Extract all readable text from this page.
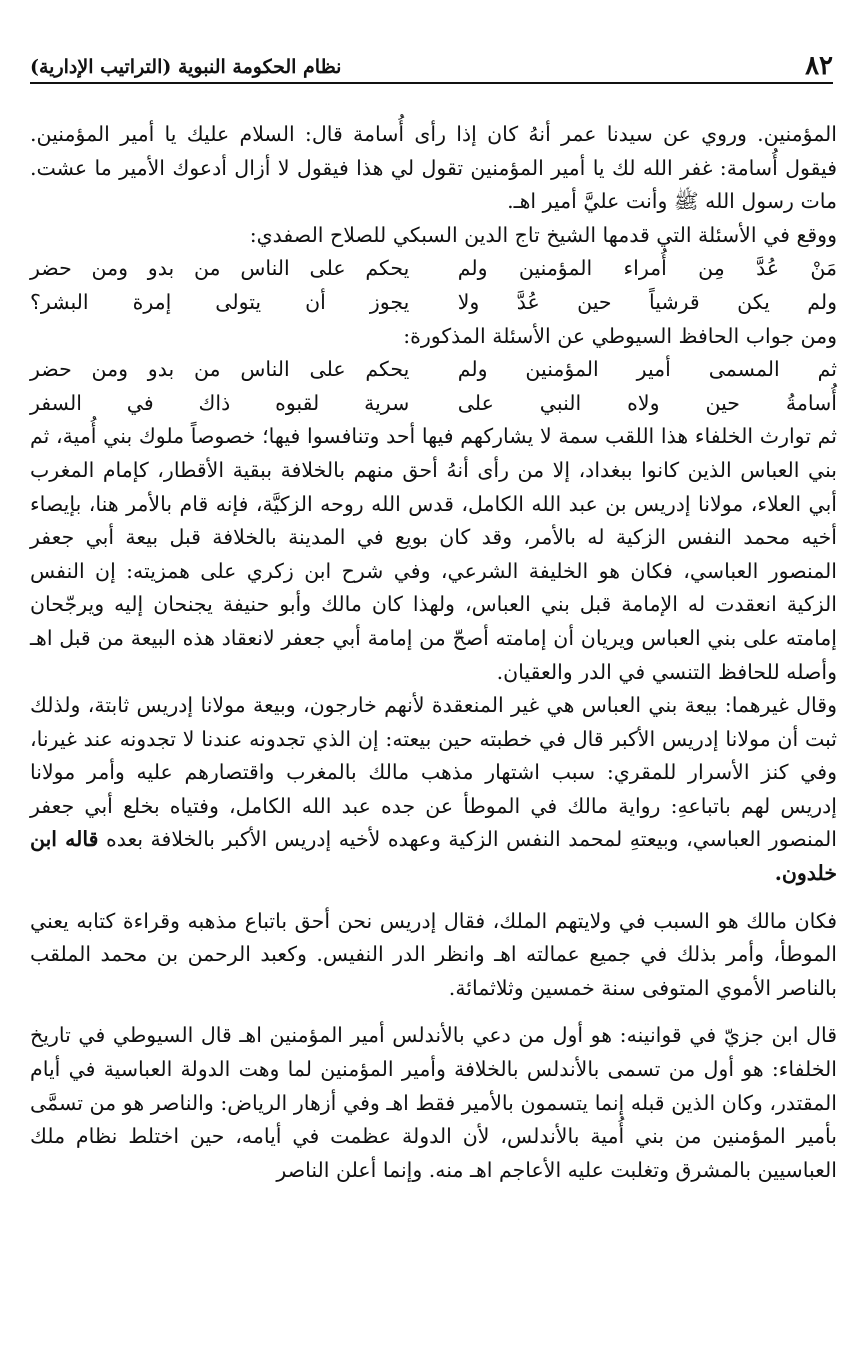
٨٢
نظام الحكومة النبوية (التراتيب الإدارية)

المؤمنين. وروي عن سيدنا عمر أنهُ كان إذا رأى أُسامة قال: السلام عليك يا أمير المؤمنين. فيقول أُسامة: غفر الله لك يا أمير المؤمنين تقول لي هذا فيقول لا أزال أدعوك الأمير ما عشت. مات رسول الله ﷺ وأنت عليَّ أمير اهـ.

ووقع في الأسئلة التي قدمها الشيخ تاج الدين السبكي للصلاح الصفدي:

مَنْ عُدَّ مِن أُمراء المؤمنين ولم
يحكم على الناس من بدو ومن حضر
ولم يكن قرشياً حين عُدَّ ولا
يجوز أن يتولى إمرة البشر؟

ومن جواب الحافظ السيوطي عن الأسئلة المذكورة:

ثم المسمى أمير المؤمنين ولم
يحكم على الناس من بدو ومن حضر
أُسامةُ حين ولاه النبي على
سرية لقبوه ذاك في السفر

ثم توارث الخلفاء هذا اللقب سمة لا يشاركهم فيها أحد وتنافسوا فيها؛ خصوصاً ملوك بني أُمية، ثم بني العباس الذين كانوا ببغداد، إلا من رأى أنهُ أحق منهم بالخلافة ببقية الأقطار، كإمام المغرب أبي العلاء، مولانا إدريس بن عبد الله الكامل، قدس الله روحه الزكيَّة، فإنه قام بالأمر هنا، بإيصاء أخيه محمد النفس الزكية له بالأمر، وقد كان بويع في المدينة بالخلافة قبل بيعة أبي جعفر المنصور العباسي، فكان هو الخليفة الشرعي، وفي شرح ابن زكري على همزيته: إن النفس الزكية انعقدت له الإمامة قبل بني العباس، ولهذا كان مالك وأبو حنيفة يجنحان إليه ويرجّحان إمامته على بني العباس ويريان أن إمامته أصحّ من إمامة أبي جعفر لانعقاد هذه البيعة من قبل اهـ وأصله للحافظ التنسي في الدر والعقيان.

وقال غيرهما: بيعة بني العباس هي غير المنعقدة لأنهم خارجون، وبيعة مولانا إدريس ثابتة، ولذلك ثبت أن مولانا إدريس الأكبر قال في خطبته حين بيعته: إن الذي تجدونه عندنا لا تجدونه عند غيرنا، وفي كنز الأسرار للمقري: سبب اشتهار مذهب مالك بالمغرب واقتصارهم عليه وأمر مولانا إدريس لهم باتباعهِ: رواية مالك في الموطأ عن جده عبد الله الكامل، وفتياه بخلع أبي جعفر المنصور العباسي، وبيعتهِ لمحمد النفس الزكية وعهده لأخيه إدريس الأكبر بالخلافة بعده قاله ابن خلدون.

فكان مالك هو السبب في ولايتهم الملك، فقال إدريس نحن أحق باتباع مذهبه وقراءة كتابه يعني الموطأ، وأمر بذلك في جميع عمالته اهـ وانظر الدر النفيس. وكعبد الرحمن بن محمد الملقب بالناصر الأموي المتوفى سنة خمسين وثلاثمائة.

قال ابن جزيّ في قوانينه: هو أول من دعي بالأندلس أمير المؤمنين اهـ قال السيوطي في تاريخ الخلفاء: هو أول من تسمى بالأندلس بالخلافة وأمير المؤمنين لما وهت الدولة العباسية في أيام المقتدر، وكان الذين قبله إنما يتسمون بالأمير فقط اهـ وفي أزهار الرياض: والناصر هو من تسمَّى بأمير المؤمنين من بني أُمية بالأندلس، لأن الدولة عظمت في أيامه، حين اختلط نظام ملك العباسيين بالمشرق وتغلبت عليه الأعاجم اهـ منه. وإنما أعلن الناصر
